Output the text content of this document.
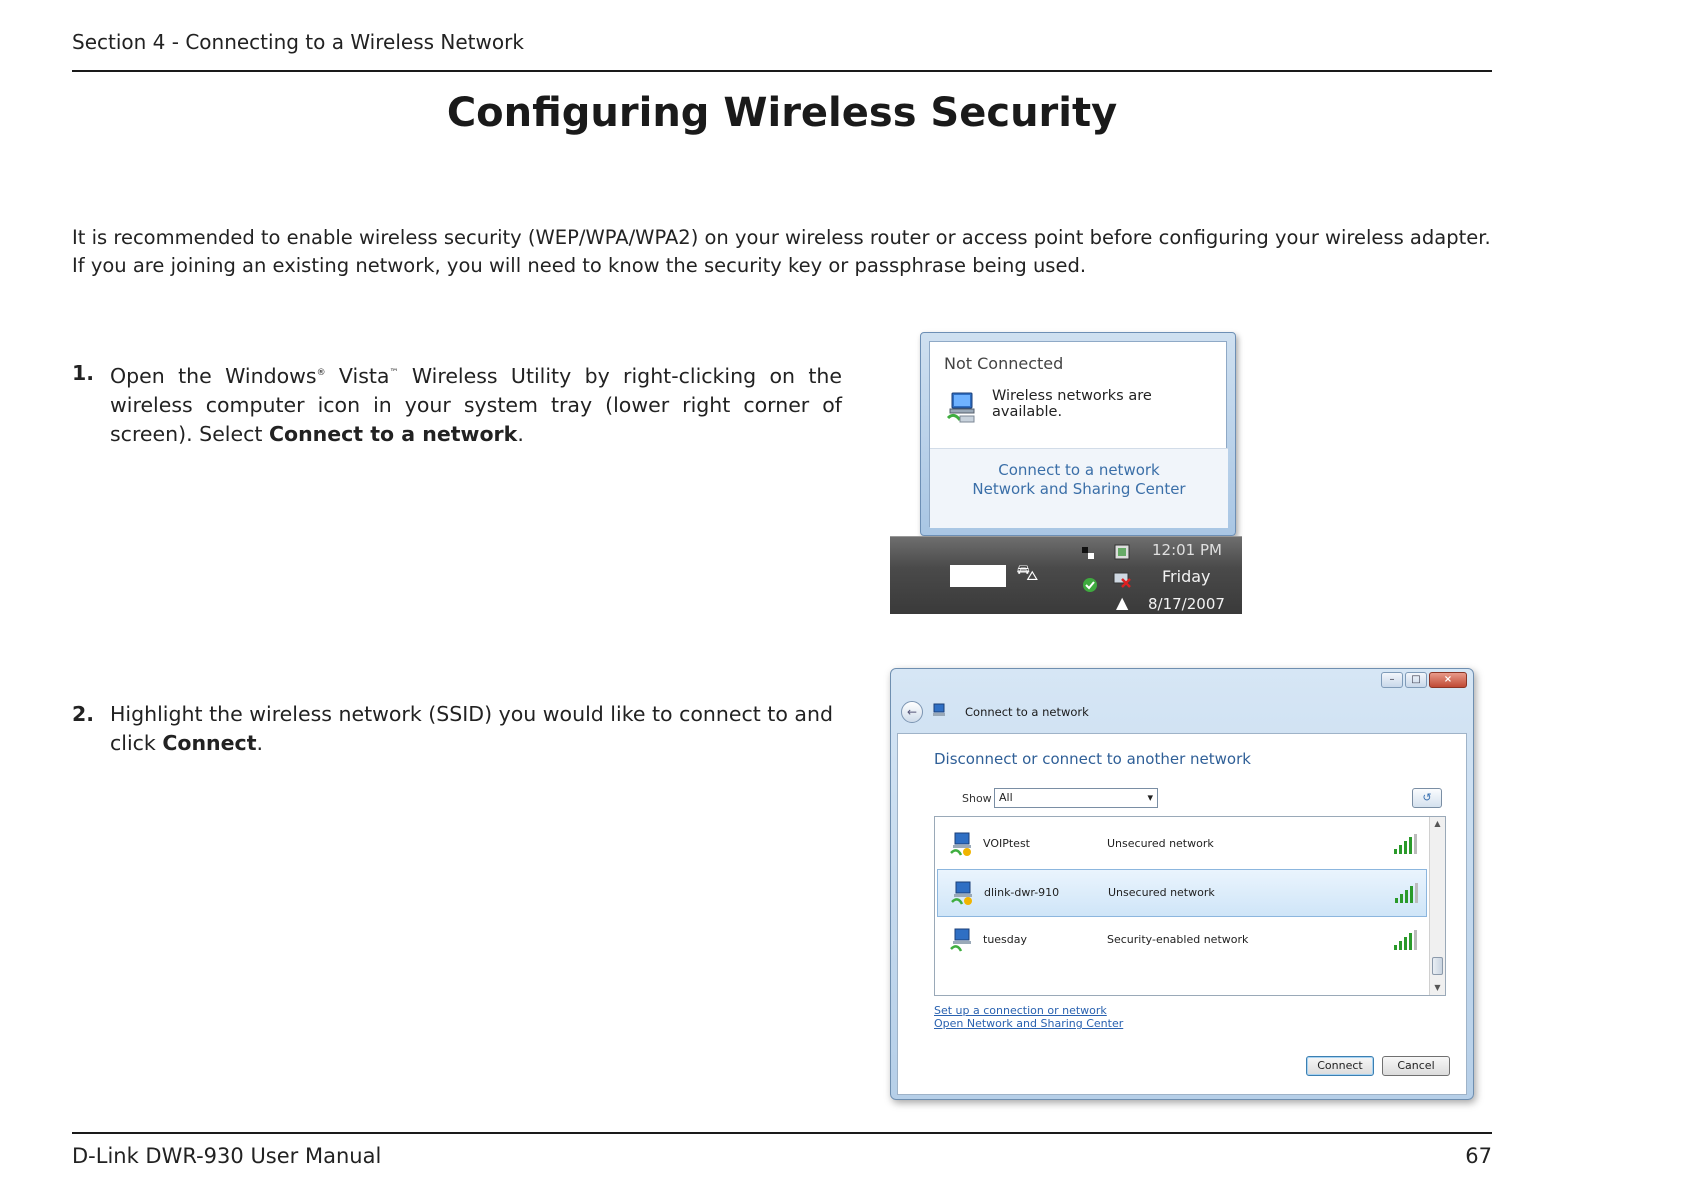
Section 4 - Connecting to a Wireless Network
Configuring Wireless Security
It is recommended to enable wireless security (WEP/WPA/WPA2) on your wireless router or access point before configuring your wireless adapter.
If you are joining an existing network, you will need to know the security key or passphrase being used.
1. Open the Windows® Vista™ Wireless Utility by right-clicking on the wireless computer icon in your system tray (lower right corner of screen). Select Connect to a network.
2. Highlight the wireless network (SSID) you would like to connect to and click Connect.
Not Connected
Wireless networks are available.
Connect to a network
Network and Sharing Center
⛍
▲
12:01 PM
Friday
8/17/2007
–	□	×
←	Connect to a network
Disconnect or connect to another network
Show All ▾	↺
VOIPtest	Unsecured network
dlink-dwr-910	Unsecured network
tuesday	Security-enabled network
▲
▼
Set up a connection or network
Open Network and Sharing Center
Connect	Cancel
D-Link DWR-930 User Manual	67
